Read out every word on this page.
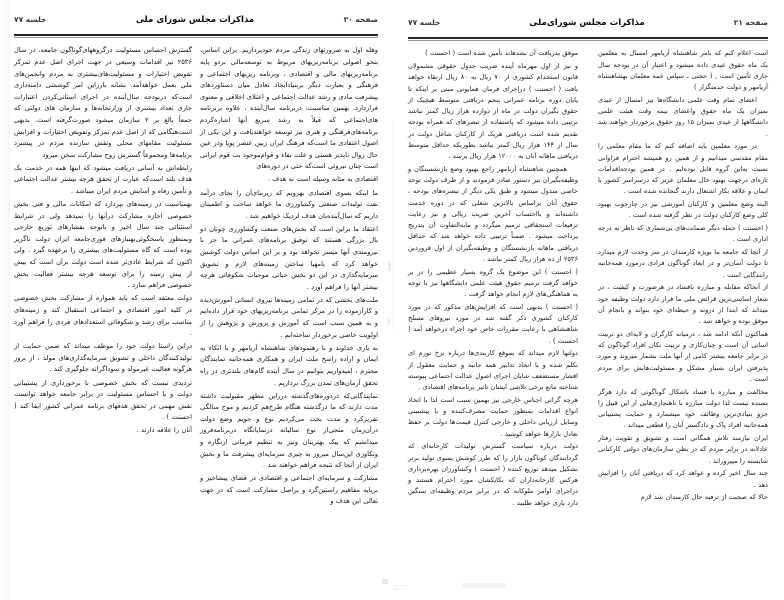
جلسه ۷۷	مذاکرات مجلس شورای‌ملی	صفحه ۲۱

موفق بدریافت آن نشدهاند تأمین شده است ( احسنت )

و نیز از اول مهرماه آینده ضریب جدول حقوقی مشمولان قانون استخدام کشوری از ۷۰ ریال به ۸۰ ریال ارتقاء خواهد یافت ( احسنت ) درإجرای فرمان همایونی مبنی بر اینکه تا پایان دوره برنامه عمرانی پنجم دریافتی متوسط هیچیک از حقوق بگیران دولت در ماه از دوازده هزار ریال کمتر نباشد ترتیبی داده میشود که پاستفاده از تبصرهای که همراه بودجه تقدیم شده است دریافتی هریک از کارکنان شاغل دولت در سال از ۱۴۴ هزار ریال کمتر نباشد بطوریکه حداقل متوسط دریافتی ماهانه آنان به ۱۲۰۰۰ هزار ریال برسد .

همچنین شاهنشاه آریامهر راجع بهبود وضع بازنشستگان و وظیفه‌بگیران نیز دستور صادر فرمودند و از طرف دولت توجه خاصی مبذول میشود و طبق یکی دیگر از تبصره‌های بودجه ، حقوق آنان براساس بالاترین شغلی که در دوره خدمت داشته‌اند و بااحتساب آخرین ضریب ریالی و نیز رعایت ترفیعات استحقاقی ترمیم میگردد و مابه‌التفاوت آن بتدریج پرداخت میشود . ضمناً ترتیبی داده خواهد شد که حداقل دریافتی ماهانه بازنشستگان و وظیفه‌بگیران از اول فروردین ۲۵۳۶ از ده هزار ریال کمتر نباشد .

( احسنت ) این موضوع یک گروه بسیار عظیمی را در بر خواهد گرفت ترمیم حقوق هیئت علمی دانشگاهها نیز با توجه به هماهنگی‌های لازم انجام خواهد گرفت .

( احسنت ) بدیهی است که افزایش‌های مذکور که در مورد کارکنان کشوری ذکر گفته شد در مورد نیروهای مسلح شاهنشاهی با رعایت مقررات خاص خود اجراء درخواهد آمد ( احسنت ) .

دولتها لازم میداند که بموقع کاربندی‌ها درباره نرخ تورم ای تکلم شده و با اتخاذ تدابیر همه جانبه و حمایت معقول از اقشار مستضعف شایان اجرای اصول عدالت اجتماعی پیوسته شناخته مانع برخی تلاشی ایشان تاثیر برنامه‌های اقتصادی .

هرچه گرانی اجناس خارجی نیز بهمین سبب است لذا با اتخاذ انواع اقدامات بمنظور حمایت مصرف‌کننده و با پیشبینی وسایل ارزیابی داخلی و خارجی کنترل قیمت‌ها دولت بر حفظ تعادل بازارها خواهد کوشید .

دولت درباره سیاست گسترش تولیدات کارخانه‌ای که گردانندگان کوناگون بازار را که طرز کوشش بسوی تولید برتر تشکیل میدهد توزیع کننده ( احسنت ) وکشاورزان بهره‌برداری هرکس کارخانه‌داران که یکایکشان مورد احترام هستند و دراجرای اوامر ملوکانه که در برابر مردم وظیفه‌ای سنگین دارد یاری خواهد طلبید .

است اعلام کنم که بامر شاهنشاه آریامهر امسال به معلمین یک ماه حقوق عیدی داده میشود و اعتبار آن در بودجه سال جاری تأمین است , ( حجتی ـ سپاس عمه معلمان بهشاهنشاه آریامهر و دولت خدمتگزار )

اعضای تمام وقت علمی دانشگاه‌ها نیز امسال از عیدی بمیزان یک ماه حقوق واعضای نیمه وقت هیئت علمی دانشگاهها از عیدی بمیزان ۱۵ روز حقوق برخوردار خواهند شد .

در مورد معلمین باید اضافه کنم که ما مقام معلمی را مقام مقدسی میدانیم و از همین رو همیشه احترام فراوانی نسبت به‌این گروه قابل بوده‌ایم . در همین بودجه‌اقدامات تازه‌ای درجهت بهبود حال معلمان عزیز که درسراسر کشور با ایمان و علاقه بکار اشتغال دارند گنجانده شده است .

البته وضع معلمین و کارکنان آموزشی نیز در چارچوب بهبود کلی وضع کارکنان دولت در نظر گرفته شده است .

( احسنت ) جمله دیگر ضمانت‌های بی‌شماری که ناظر به درجه اداری است .

از آنجا که جامعه ما بویژه کارمندان در سر وحدت لازم میدارد تا دولت آسان‌تر و در ابعاد گوناگون فرادی درمورد همه‌جانبه رانندگانی است .

از آنجاکه مقابله و مبارزه بافساد در هرصورت و کیفیت ، در شعار اساسی‌ترین قرائض ملی ما قرار دارد دولت وظیفه خود میداند که ابتدا از درونه و حیطه‌ای خود بتواند و بانجام آن موفق بوده و خواهد شد .

هماکنون آنکه ادامه شد ، درمیانه کارگران و لایه‌ای دو تربیت اسانی آن است و چنان‌کاری و تربیت نکان افراد گوناگون که در برابر جامعه بیشتر کامی از آنها ملت بشمار میروند و مورد پذیرفتن ایران بسیار مشکل و مسئولیت‌هایش برای مردم است .

مخالفت و مبارزه با فساد باشکال گوناگونی که دارد هرگز بسنده نیست لذا دولت مبارزه با ناهنجاری‌هایی از این قبیل را جزو بنیادی‌ترین وظائف خود میشمارد و حمایت پشتیبانی همه‌جانبه افراد پاک و دادگستر آنان را قطعی میداند .

ایران نیازمند تلاش همگانی است و تشویق و تقویت رفتار عادلانه در برابر مردم که در بطن سازمان‌های دولتی کارکنانی شایسته را میپروراند .

چند سال اخیر کرده و عواهد کرد که دریافتی آنان را افزایش دهد .

حالا که صحبت از ترفیه حال کارمندان شد لازم

جلسه ۷۷	مذاکرات مجلس شورای ملی	صفحه ۲۰

گسترش احساس مسئولیت درگروههای‌گوناگون جامعه‌، در سال ۲۵۳۶ نیز اقدامات وسیعی در جهت اجرای اصل عدم تمرکز تفویض اختیارات و مسئولیت‌های‌بیشتری به مردم وانجمن‌های ملی بعمل خواهدآمد. نشانه بارزاین امر کوششی دامنه‌داری است‌که دربودجه سال‌آینده در اجرای استانی‌کردن اعتبارات جاری تعداد بیشتری از وزارتخانه‌ها و سازمان های دولتی که جمعاً بالغ بر ۲ سازمان میشود صورت‌گرفته است. بدیهی است‌هنگامی که از اصل عدم تمرکز وتفویض اختیارات و افزایش مسئولیت مقامهای محلی ونقش سازنده مردم در پیشبرد برنامه‌ها ومجموعاً گسترش روح مشارکت سخن میرود

رابطه‌اش به آسانی دریافت میشود که اینها همه در خدمت یک هدف بلند است‌که عبارت از تحقق هرچه بیشتر عدالت اجتماعی و تأمین رفاه و آسایش مردم ایران میباشد .

بهمناسبت در زمینه‌های بپردازد که امکانات مالی و فنی بخش خصوصی اجازه مشارکت درآنها را نمیدهد ولی در شرایط استثنائی چند سال اخیر و بانوجه بفشارهای توزیع خارجی وبمنظور پاسخگوئی‌بهنیازهای فوری‌جامعه ایران دولت ناگزیر بوده است که گاه مسئولیت‌های بیشتری را برعهده گیرد . ولی اکنون که شرایط عادی‌تر شده است دولت برآن است که بیش از پیش زمینه را برای توسعه هرچه بیشتر فعالیت بخش خصوصی فراهم سازد .

دولت معتقد است که باید همواره از مشارکت بخش خصوصی در کلیه امور اقتصادی و اجتماعی استقبال کند و زمینه‌های مناسب برای رشد و شکوفائی استعدادهای فردی را فراهم آورد .

دراین راستا دولت خود را موظف میداند که ضمن حمایت از تولیدکنندگان داخلی و تشویق سرمایه‌گذاری‌های مولد ، از بروز هرگونه فعالیت غیرمولد و سوداگرانه جلوگیری کند .

تردیدی نیست که بخش خصوصی با برخورداری از پشتیبانی دولت و با احساس مسئولیت در برابر جامعه خواهد توانست نقش مهمی در تحقق هدفهای برنامه عمرانی کشور ایفا کند ( احسنت ) .

آنان را علاقه دارند .

وهله اول به ضرورتهای زندگی مردم خودپردازیم. براین اساس، بنحو اصولی برنامه‌ریزیهای مربوط به توسعه‌مالی بردو پایه برنامه‌ریزیهای مالی و اقتصادی ، وبرنامه ریزیهای اجتماعی و فرهنگی و بعبارت دیگر بربنیادایجاد تعادل میان دستاوردهای پیشرفت مادی و رشد عدالت اجتماعی و اعتلای اخلاقی و معنوی قراردارد. بهمین مناسبت، دربرنامه سال‌آینده ، علاوه بربرنامه های‌اجتماعی که قبلاً به رشد سریع آنها اشاره‌کردم برنامه‌های‌فرهنگی و هنری نیز توسعه خواهندیافت و این یکی از اصول اعتقادی ما است‌که فرهنگ ایران زبین عنصر پویا وذر عین حال زوال ناپذیر هستی و علت بقاء و قوام‌موجود بت قوم ایرانی است چنان نیروئی است‌که حتی در دوره‌های

اقتصادی به مثابه وسیله است نه هدف .

ما اینکه بسوی اقتصادی بهروبم که زیربنای‌آن را بجای درآمد نفت تولیدات صنعتی وکشاورزی ما خواهد ساخت و اطمینان داریم که سال‌آینده‌بان هدف لزدیک خواهیم شد .

اعتقاد ما براین است که بخش‌های صنعت وکشاورزی چونان دو بال بزرگی هستند که توفیق برنامه‌های عمرانی ما جز با نیرومندی آنها میسر نخواهد بود و بر این اساس دولت کوشش خواهد کرد که بامهیا ساختن زمینه‌های لازم و تشویق سرمایه‌گذاری در این دو بخش حیاتی موجبات شکوفائی هرچه بیشتر آنها را فراهم آورد .

ملت‌های بخشی که در تمامی زمینه‌ها نیروی انسانی آموزش‌دیده و کارآزموده را در مرکز تمامی برنامه‌ریزیهای خود قرار داده‌ایم و به همین سبب است که آموزش و پرورش و پژوهش را از اولویت خاصی برخوردار ساخته‌ایم .

به یاری خداوند و با رهنمودهای شاهنشاه آریامهر و با اتکاء به ایمان و اراده راسخ ملت ایران و همکاری همه‌جانبه نمایندگان محترم ، امیدواریم بتوانیم در سال آینده گام‌های بلندتری در راه تحقق آرمان‌های تمدن بزرگ برداریم .

نمایندگانی‌که دردوره‌های‌گذشته درراین مطهر مقبولیت داشته مدت دارند که ما درگذشته هنگام طرح‌هم کردیم و موج سالگی تقریرکرد و مدت بحث می‌کردیم نوع و جویم وضع دولت درآن‌زمان منجی‌از نوع سالیانه درنمایانگاه دربرنامه‌فروز میدانشم که بیک بهترینان ونیز به تنظیم فرمانی ازنگاره و وتکاوزی این‌سال میروز به چیزی سرمایه‌ای پیشرفت ما و بخش ایران از آنجا که نتیجه فراهم خواهند شد .

مشارکت و سرمایه‌ای اجتماعی و اقتصادی در قضای پیشاخیز و برپایه مفاهیم راستین‌گرد و براصل مشارکت است که در جهت تعالی این هدف و
